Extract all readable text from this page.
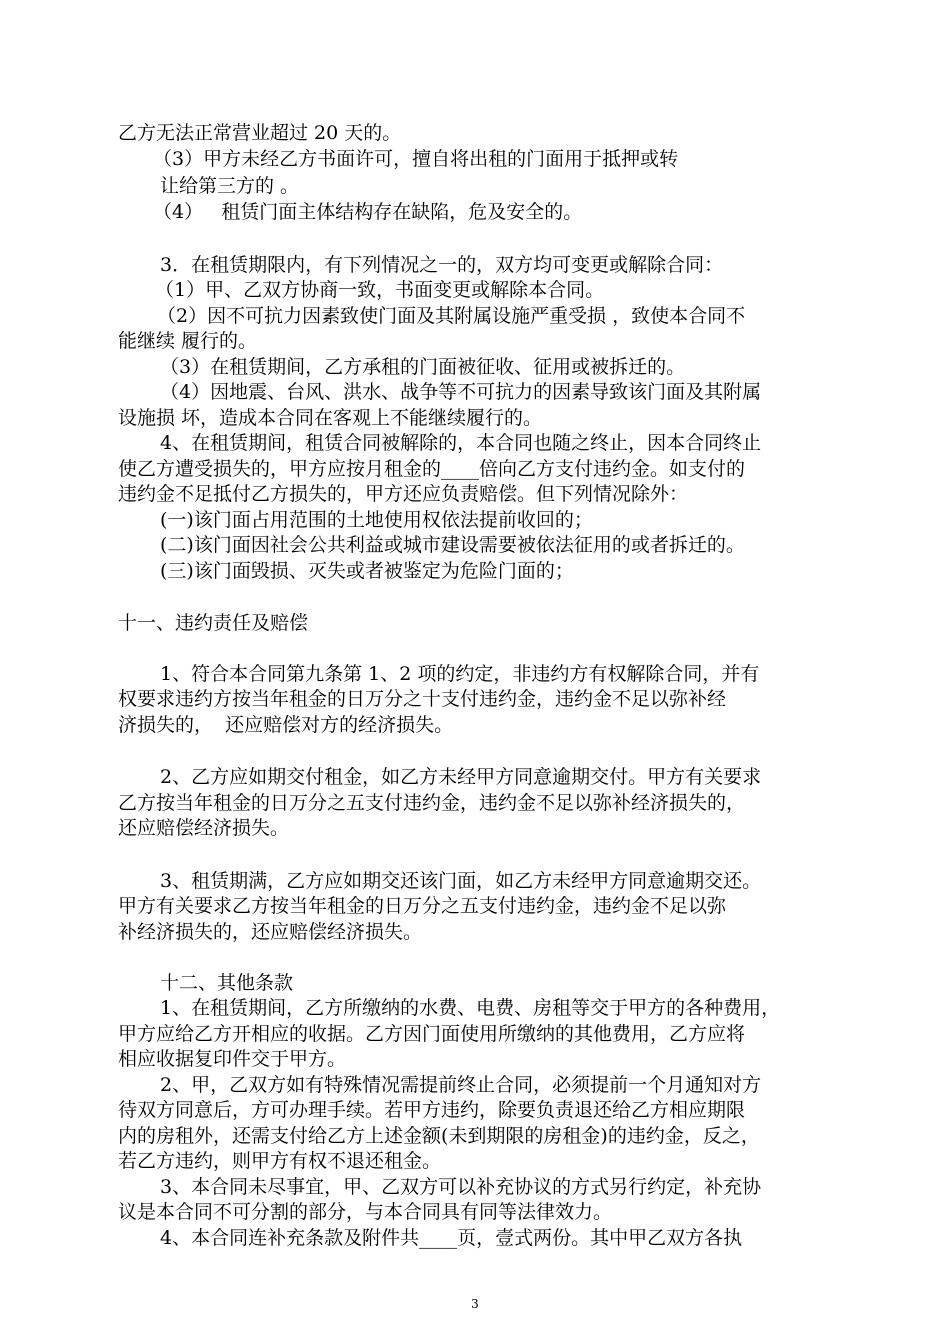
乙方无法正常营业超过 20 天的。
（3）甲方未经乙方书面许可，擅自将出租的门面用于抵押或转
让给第三方的 。
（4）   租赁门面主体结构存在缺陷，危及安全的。
3．在租赁期限内，有下列情况之一的，双方均可变更或解除合同：
（1）甲、乙双方协商一致，书面变更或解除本合同。
（2）因不可抗力因素致使门面及其附属设施严重受损 ，致使本合同不
能继续 履行的。
（3）在租赁期间，乙方承租的门面被征收、征用或被拆迁的。
（4）因地震、台风、洪水、战争等不可抗力的因素导致该门面及其附属
设施损 坏，造成本合同在客观上不能继续履行的。
4、在租赁期间，租赁合同被解除的，本合同也随之终止，因本合同终止
使乙方遭受损失的，甲方应按月租金的____倍向乙方支付违约金。如支付的
违约金不足抵付乙方损失的，甲方还应负责赔偿。但下列情况除外：
(一)该门面占用范围的土地使用权依法提前收回的；
(二)该门面因社会公共利益或城市建设需要被依法征用的或者拆迁的。
(三)该门面毁损、灭失或者被鉴定为危险门面的；
十一、违约责任及赔偿
1、符合本合同第九条第 1、2 项的约定，非违约方有权解除合同，并有
权要求违约方按当年租金的日万分之十支付违约金，违约金不足以弥补经
济损失的，  还应赔偿对方的经济损失。
2、乙方应如期交付租金，如乙方未经甲方同意逾期交付。甲方有关要求
乙方按当年租金的日万分之五支付违约金，违约金不足以弥补经济损失的，
还应赔偿经济损失。
3、租赁期满，乙方应如期交还该门面，如乙方未经甲方同意逾期交还。
甲方有关要求乙方按当年租金的日万分之五支付违约金，违约金不足以弥
补经济损失的，还应赔偿经济损失。
十二、其他条款
1、在租赁期间，乙方所缴纳的水费、电费、房租等交于甲方的各种费用，
甲方应给乙方开相应的收据。乙方因门面使用所缴纳的其他费用，乙方应将
相应收据复印件交于甲方。
2、甲，乙双方如有特殊情况需提前终止合同，必须提前一个月通知对方
待双方同意后，方可办理手续。若甲方违约，除要负责退还给乙方相应期限
内的房租外，还需支付给乙方上述金额(未到期限的房租金)的违约金，反之，
若乙方违约，则甲方有权不退还租金。
3、本合同未尽事宜，甲、乙双方可以补充协议的方式另行约定，补充协
议是本合同不可分割的部分，与本合同具有同等法律效力。
4、本合同连补充条款及附件共____页，壹式两份。其中甲乙双方各执
3
